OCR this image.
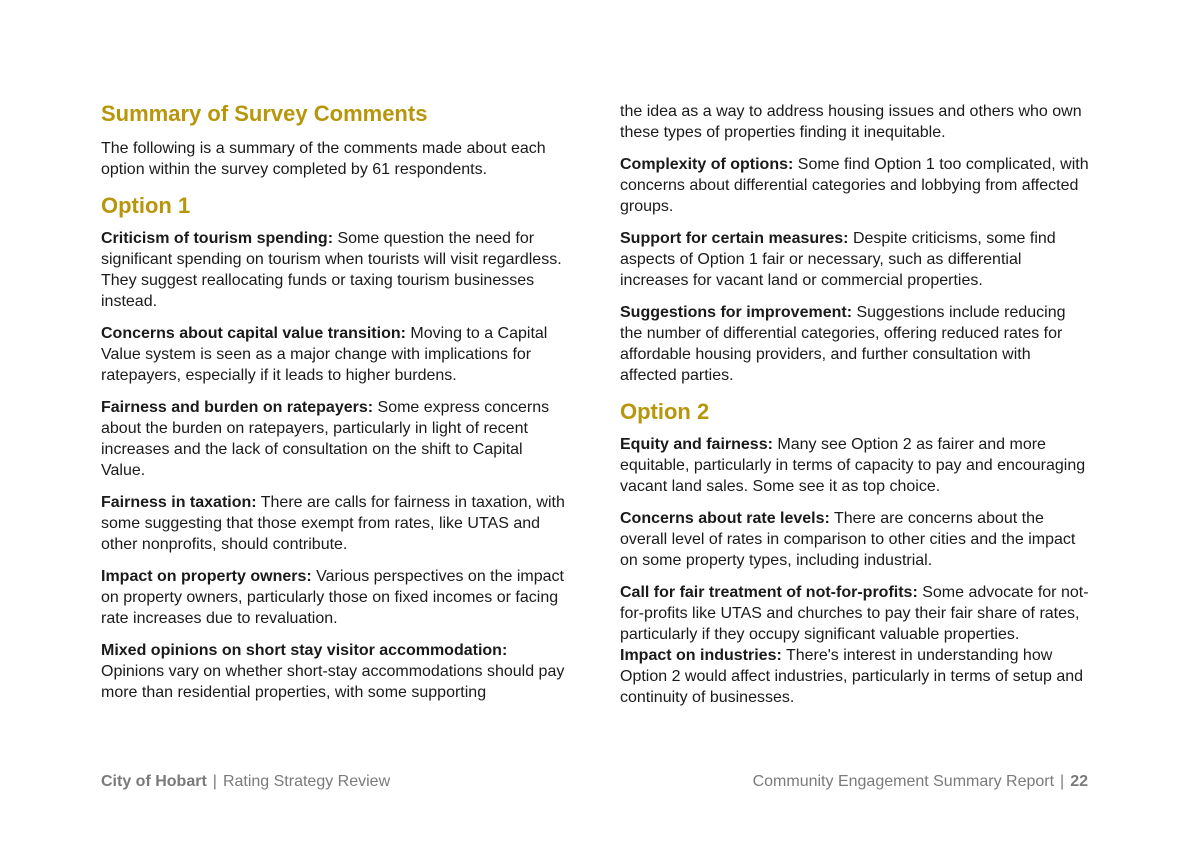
Summary of Survey Comments

The following is a summary of the comments made about each option within the survey completed by 61 respondents.

Option 1

Criticism of tourism spending: Some question the need for significant spending on tourism when tourists will visit regardless. They suggest reallocating funds or taxing tourism businesses instead.

Concerns about capital value transition: Moving to a Capital Value system is seen as a major change with implications for ratepayers, especially if it leads to higher burdens.

Fairness and burden on ratepayers: Some express concerns about the burden on ratepayers, particularly in light of recent increases and the lack of consultation on the shift to Capital Value.

Fairness in taxation: There are calls for fairness in taxation, with some suggesting that those exempt from rates, like UTAS and other nonprofits, should contribute.

Impact on property owners: Various perspectives on the impact on property owners, particularly those on fixed incomes or facing rate increases due to revaluation.

Mixed opinions on short stay visitor accommodation: Opinions vary on whether short-stay accommodations should pay more than residential properties, with some supporting

the idea as a way to address housing issues and others who own these types of properties finding it inequitable.

Complexity of options: Some find Option 1 too complicated, with concerns about differential categories and lobbying from affected groups.

Support for certain measures: Despite criticisms, some find aspects of Option 1 fair or necessary, such as differential increases for vacant land or commercial properties.

Suggestions for improvement: Suggestions include reducing the number of differential categories, offering reduced rates for affordable housing providers, and further consultation with affected parties.

Option 2

Equity and fairness: Many see Option 2 as fairer and more equitable, particularly in terms of capacity to pay and encouraging vacant land sales. Some see it as top choice.

Concerns about rate levels: There are concerns about the overall level of rates in comparison to other cities and the impact on some property types, including industrial.

Call for fair treatment of not-for-profits: Some advocate for not-for-profits like UTAS and churches to pay their fair share of rates, particularly if they occupy significant valuable properties.

Impact on industries: There's interest in understanding how Option 2 would affect industries, particularly in terms of setup and continuity of businesses.

City of Hobart | Rating Strategy Review	Community Engagement Summary Report | 22
